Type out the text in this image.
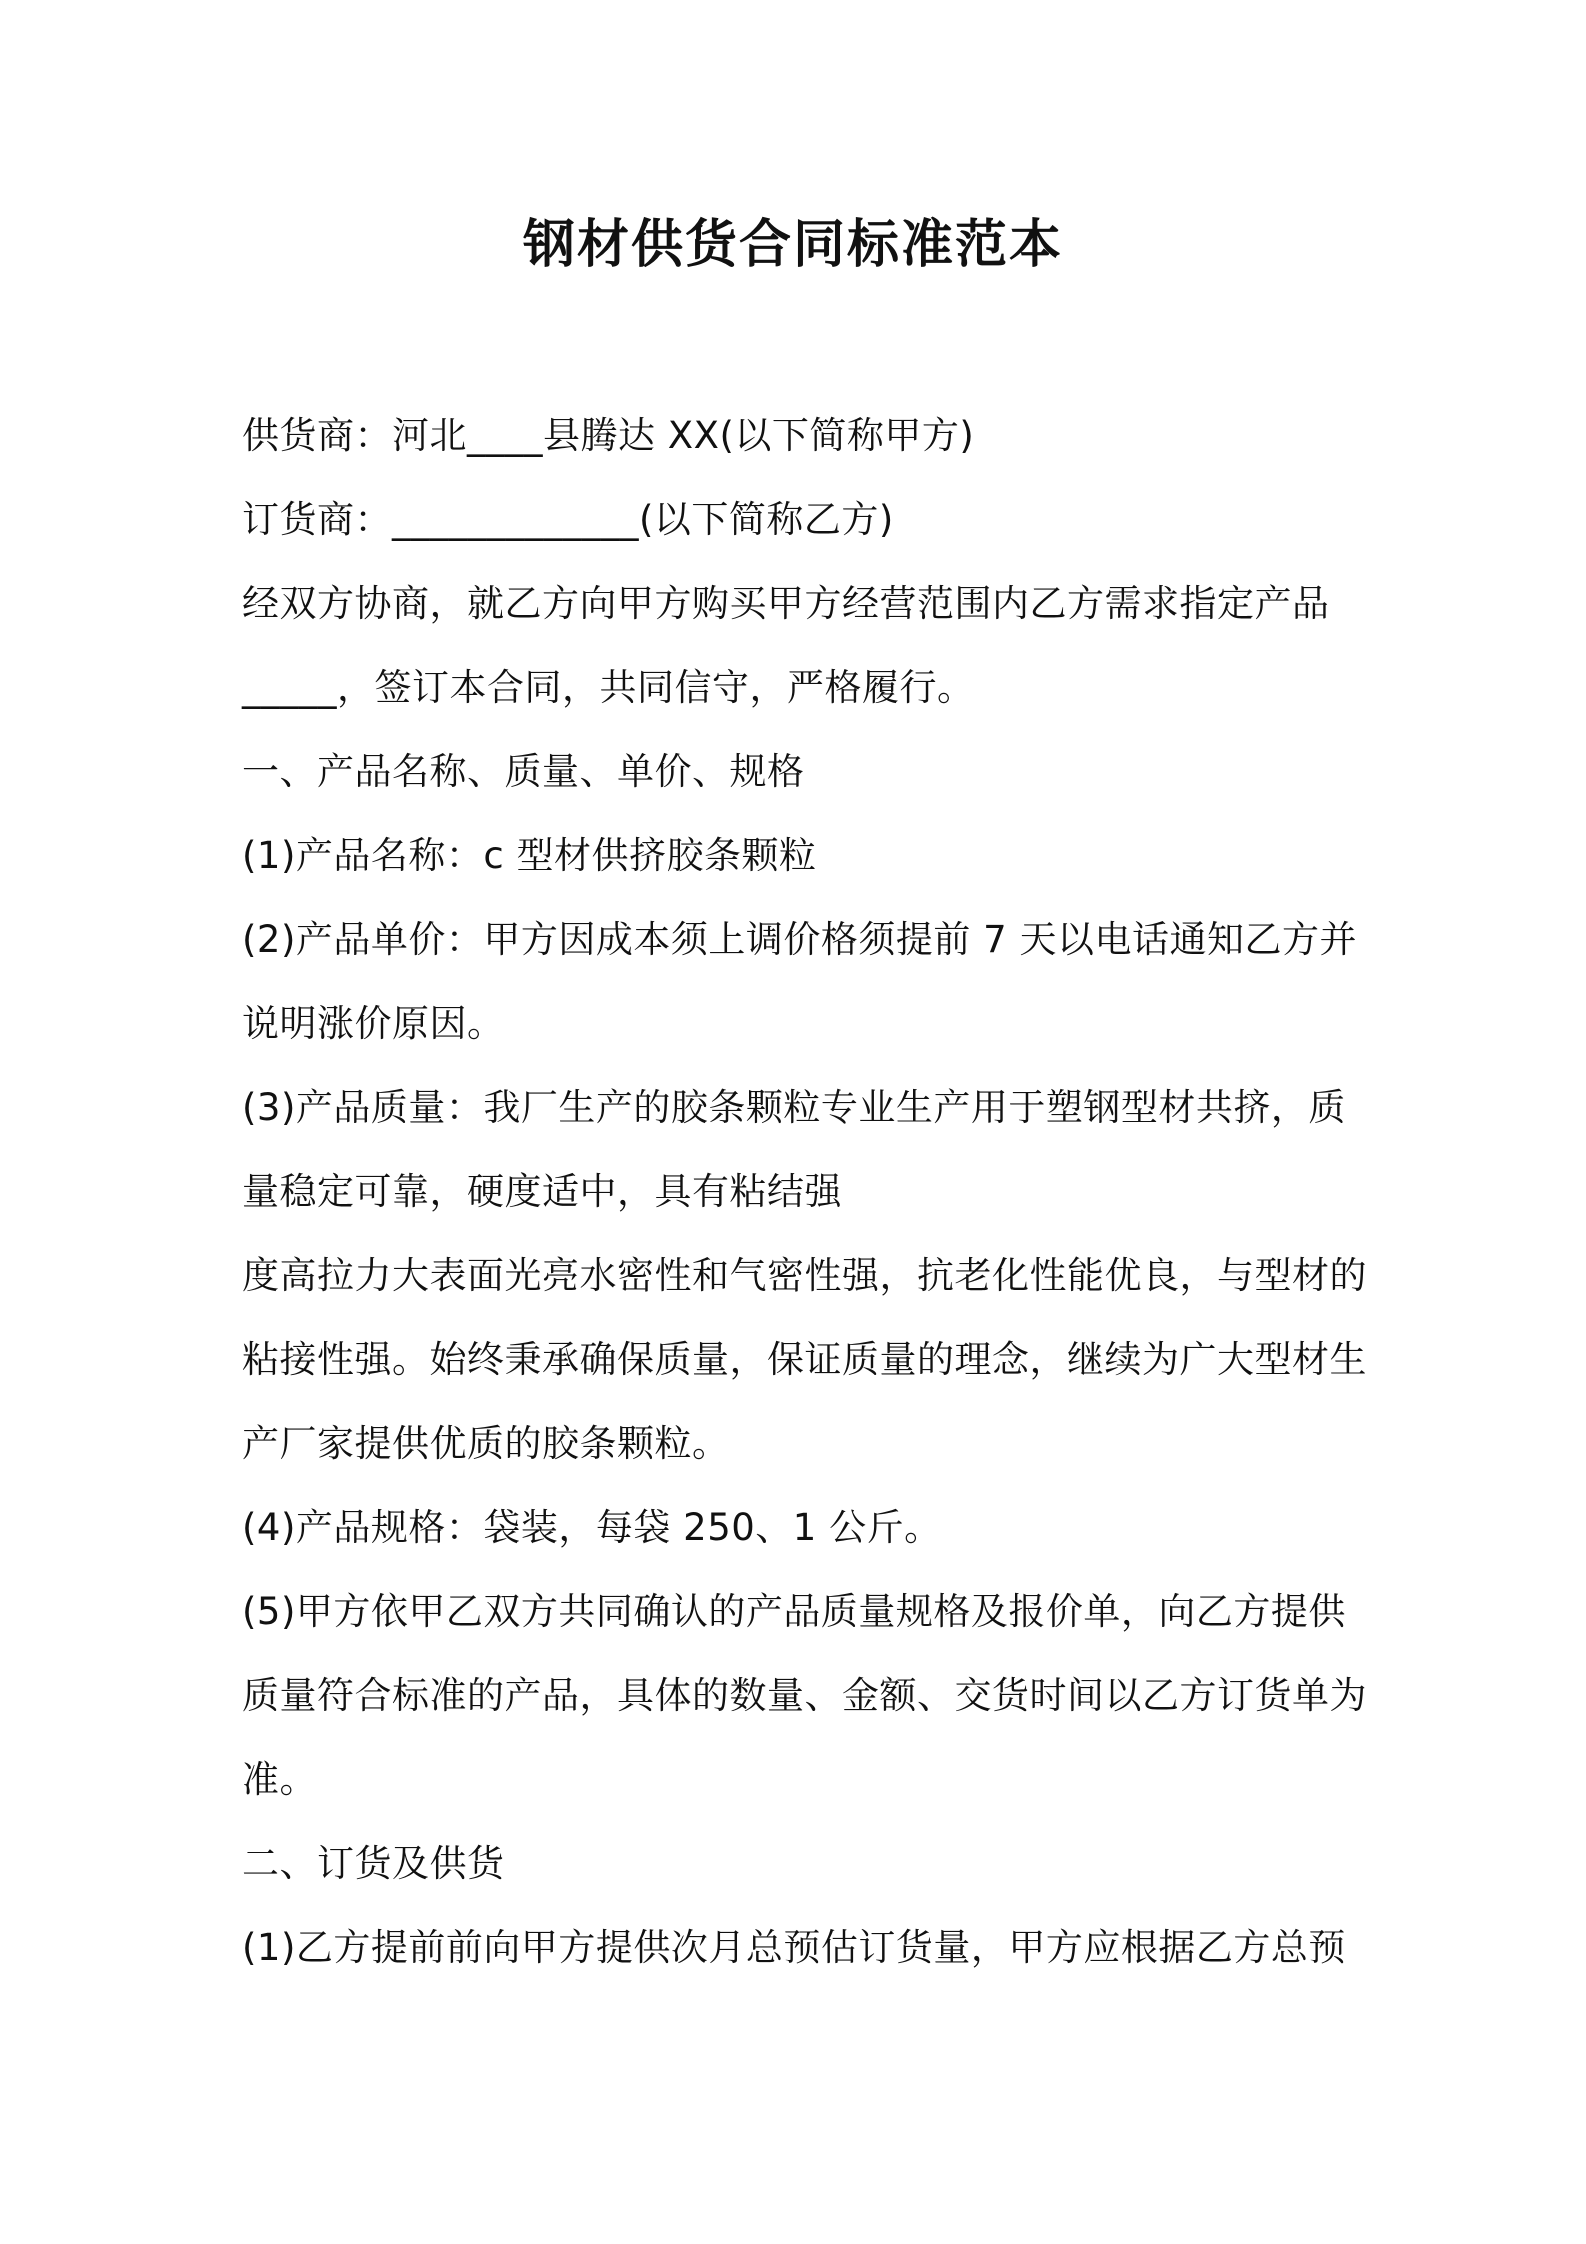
钢材供货合同标准范本
供货商：河北____县腾达 XX(以下简称甲方)
订货商：_____________(以下简称乙方)
经双方协商，就乙方向甲方购买甲方经营范围内乙方需求指定产品
_____，签订本合同，共同信守，严格履行。
一、产品名称、质量、单价、规格
(1)产品名称：c 型材供挤胶条颗粒
(2)产品单价：甲方因成本须上调价格须提前 7 天以电话通知乙方并
说明涨价原因。
(3)产品质量：我厂生产的胶条颗粒专业生产用于塑钢型材共挤，质
量稳定可靠，硬度适中，具有粘结强
度高拉力大表面光亮水密性和气密性强，抗老化性能优良，与型材的
粘接性强。始终秉承确保质量，保证质量的理念，继续为广大型材生
产厂家提供优质的胶条颗粒。
(4)产品规格：袋装，每袋 250、1 公斤。
(5)甲方依甲乙双方共同确认的产品质量规格及报价单，向乙方提供
质量符合标准的产品，具体的数量、金额、交货时间以乙方订货单为
准。
二、订货及供货
(1)乙方提前前向甲方提供次月总预估订货量，甲方应根据乙方总预
